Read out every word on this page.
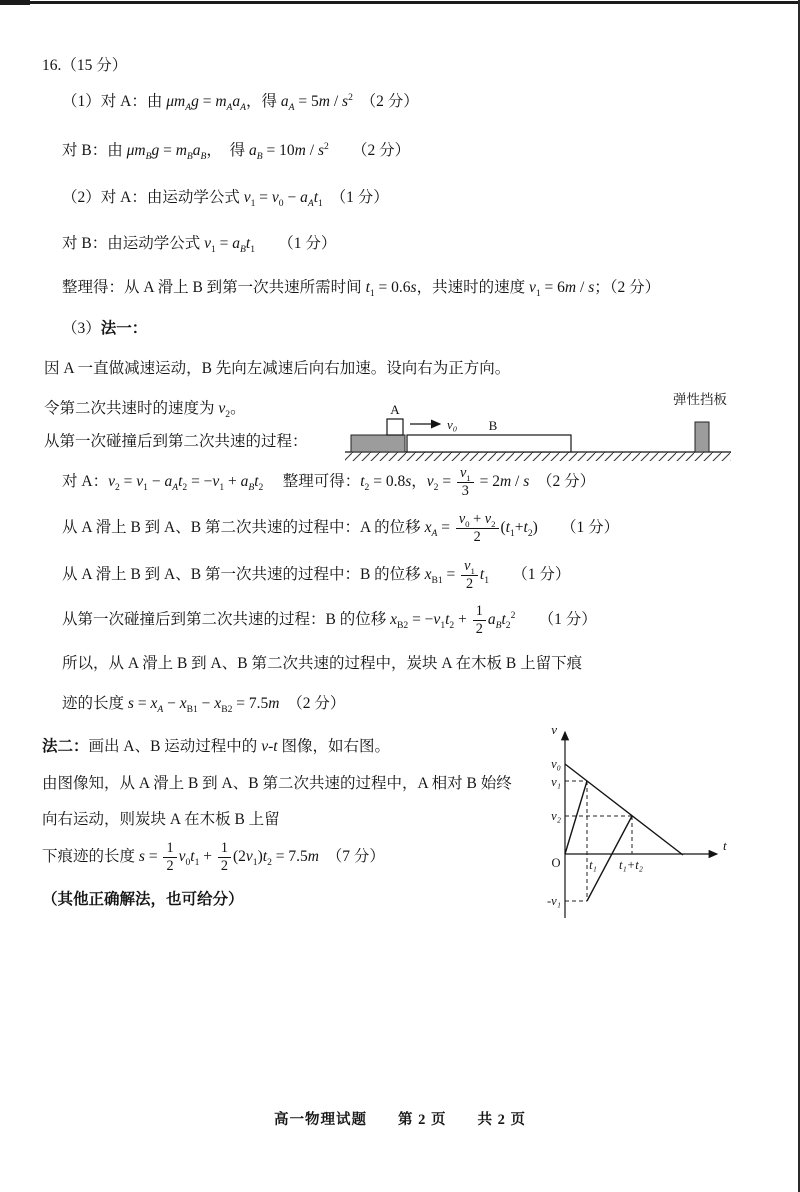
16.（15 分）
（1）对 A：由 $\mu m_Ag = m_Aa_A$，得 $a_A = 5m / s^2$　（2 分）
对 B：由 $\mu m_Bg = m_Ba_B$，　得 $a_B = 10m / s^2$　　（2 分）
（2）对 A：由运动学公式 $v_1 = v_0 - a_At_1$　（1 分）
对 B：由运动学公式 $v_1 = a_Bt_1$　　（1 分）
整理得：从 A 滑上 B 到第一次共速所需时间 $t_1 = 0.6s$，共速时的速度 $v_1 = 6m / s$；（2 分）
（3）法一：
因 A 一直做减速运动，B 先向左减速后向右加速。设向右为正方向。
令第二次共速时的速度为 $v_2$。
从第一次碰撞后到第二次共速的过程：
对 A：$v_2 = v_1 - a_At_2 = -v_1 + a_Bt_2$　 整理可得：$t_2 = 0.8s$，$v_2 = \frac{v_1}{3} = 2m / s$　（2 分）
从 A 滑上 B 到 A、B 第二次共速的过程中：A 的位移 $x_A = \frac{v_0 + v_2}{2} (t_1+t_2)$　　（1 分）
从 A 滑上 B 到 A、B 第一次共速的过程中：B 的位移 $x_{B1} = \frac{v_1}{2} t_1$　　（1 分）
从第一次碰撞后到第二次共速的过程：B 的位移 $x_{B2} = -v_1t_2 + \frac{1}{2} a_Bt_2^2$　　（1 分）
所以，从 A 滑上 B 到 A、B 第二次共速的过程中，炭块 A 在木板 B 上留下痕
迹的长度 $s = x_A - x_{B1} - x_{B2} = 7.5m$　（2 分）
法二：画出 A、B 运动过程中的 v-t 图像，如右图。
由图像知，从 A 滑上 B 到 A、B 第二次共速的过程中，A 相对 B 始终
向右运动，则炭块 A 在木板 B 上留
下痕迹的长度 $s = \frac{1}{2} v_0t_1 + \frac{1}{2} (2v_1)t_2 = 7.5m$　（7 分）
（其他正确解法，也可给分）
A
v₀ B
弹性挡板
v
t
O
v₀
v₁
v₂
t₁ t₁+t₂
-v₁
高一物理试题　　第 2 页　　共 2 页
